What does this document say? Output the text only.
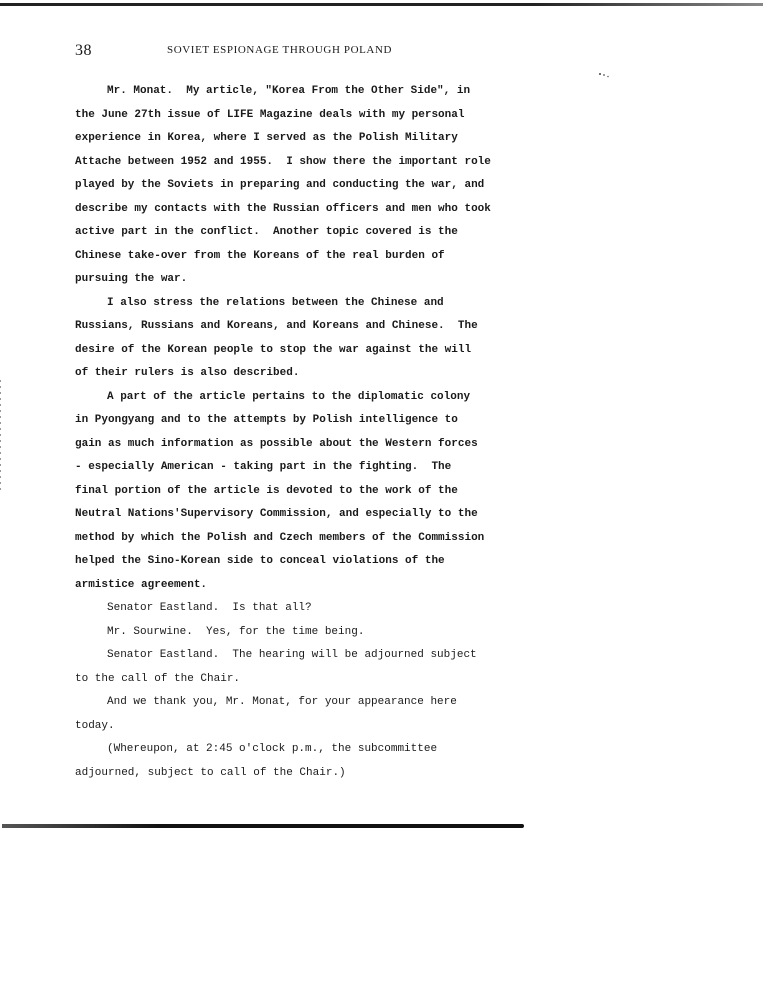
38	SOVIET ESPIONAGE THROUGH POLAND
Mr. Monat.  My article, "Korea From the Other Side", in
the June 27th issue of LIFE Magazine deals with my personal
experience in Korea, where I served as the Polish Military
Attache between 1952 and 1955.  I show there the important role
played by the Soviets in preparing and conducting the war, and
describe my contacts with the Russian officers and men who took
active part in the conflict.  Another topic covered is the
Chinese take-over from the Koreans of the real burden of
pursuing the war.
I also stress the relations between the Chinese and
Russians, Russians and Koreans, and Koreans and Chinese.  The
desire of the Korean people to stop the war against the will
of their rulers is also described.
A part of the article pertains to the diplomatic colony
in Pyongyang and to the attempts by Polish intelligence to
gain as much information as possible about the Western forces
- especially American - taking part in the fighting.  The
final portion of the article is devoted to the work of the
Neutral Nations'Supervisory Commission, and especially to the
method by which the Polish and Czech members of the Commission
helped the Sino-Korean side to conceal violations of the
armistice agreement.
Senator Eastland.  Is that all?
Mr. Sourwine.  Yes, for the time being.
Senator Eastland.  The hearing will be adjourned subject
to the call of the Chair.
And we thank you, Mr. Monat, for your appearance here
today.
(Whereupon, at 2:45 o'clock p.m., the subcommittee
adjourned, subject to call of the Chair.)
